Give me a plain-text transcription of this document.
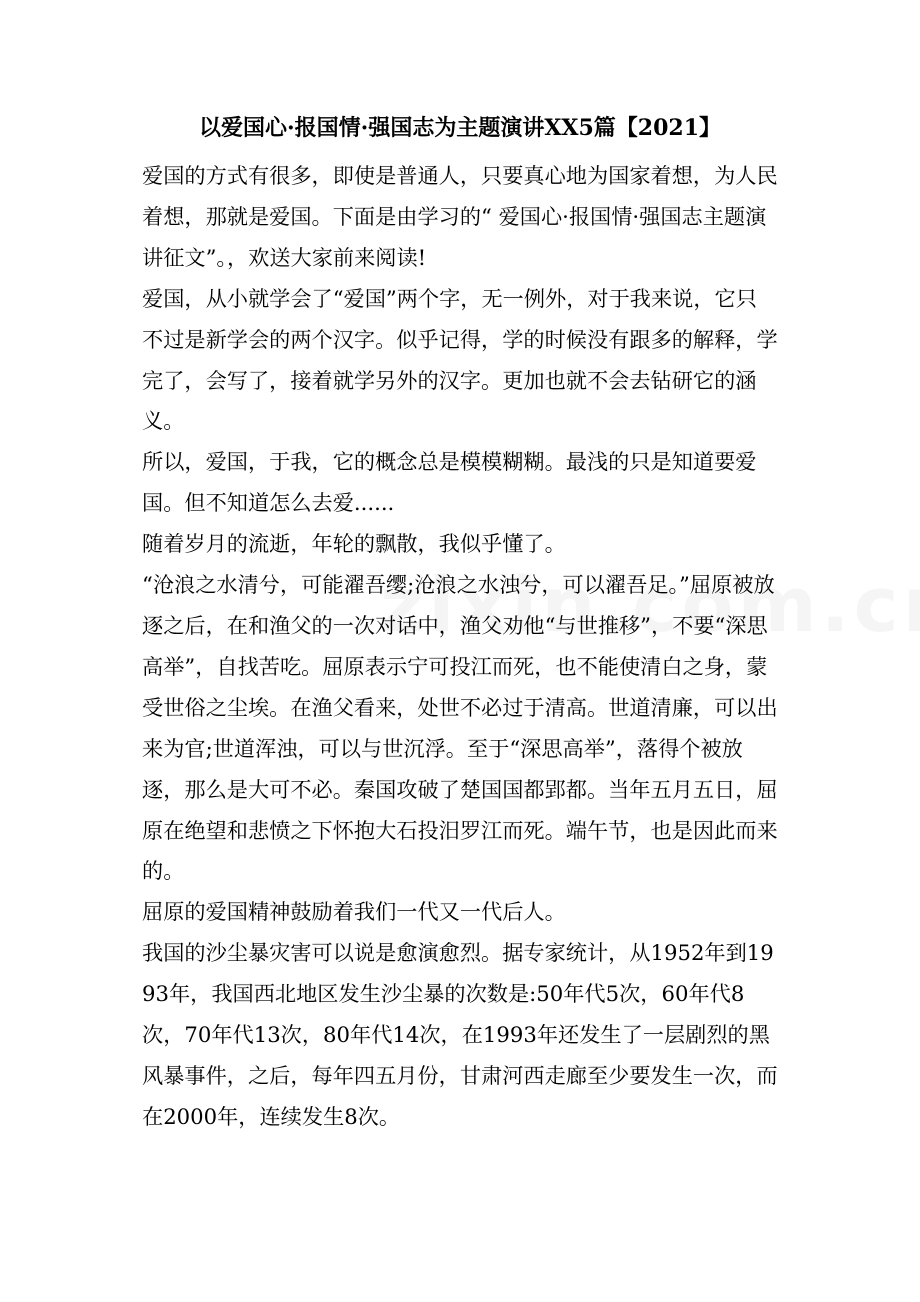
以爱国心·报国情·强国志为主题演讲XX5篇【2021】

爱国的方式有很多，即使是普通人，只要真心地为国家着想，为人民着想，那就是爱国。下面是由学习的“ 爱国心·报国情·强国志主题演讲征文”。，欢送大家前来阅读!

爱国，从小就学会了“爱国”两个字，无一例外，对于我来说，它只不过是新学会的两个汉字。似乎记得，学的时候没有跟多的解释，学完了，会写了，接着就学另外的汉字。更加也就不会去钻研它的涵义。

所以，爱国，于我，它的概念总是模模糊糊。最浅的只是知道要爱国。但不知道怎么去爱......

随着岁月的流逝，年轮的飘散，我似乎懂了。

“沧浪之水清兮，可能濯吾缨;沧浪之水浊兮，可以濯吾足。”屈原被放逐之后，在和渔父的一次对话中，渔父劝他“与世推移”，不要“深思高举”，自找苦吃。屈原表示宁可投江而死，也不能使清白之身，蒙受世俗之尘埃。在渔父看来，处世不必过于清高。世道清廉，可以出来为官;世道浑浊，可以与世沉浮。至于“深思高举”，落得个被放逐，那么是大可不必。秦国攻破了楚国国都郢都。当年五月五日，屈原在绝望和悲愤之下怀抱大石投汨罗江而死。端午节，也是因此而来的。

屈原的爱国精神鼓励着我们一代又一代后人。

我国的沙尘暴灾害可以说是愈演愈烈。据专家统计，从1952年到1993年，我国西北地区发生沙尘暴的次数是:50年代5次，60年代8次，70年代13次，80年代14次，在1993年还发生了一层剧烈的黑风暴事件，之后，每年四五月份，甘肃河西走廊至少要发生一次，而在2000年，连续发生8次。
